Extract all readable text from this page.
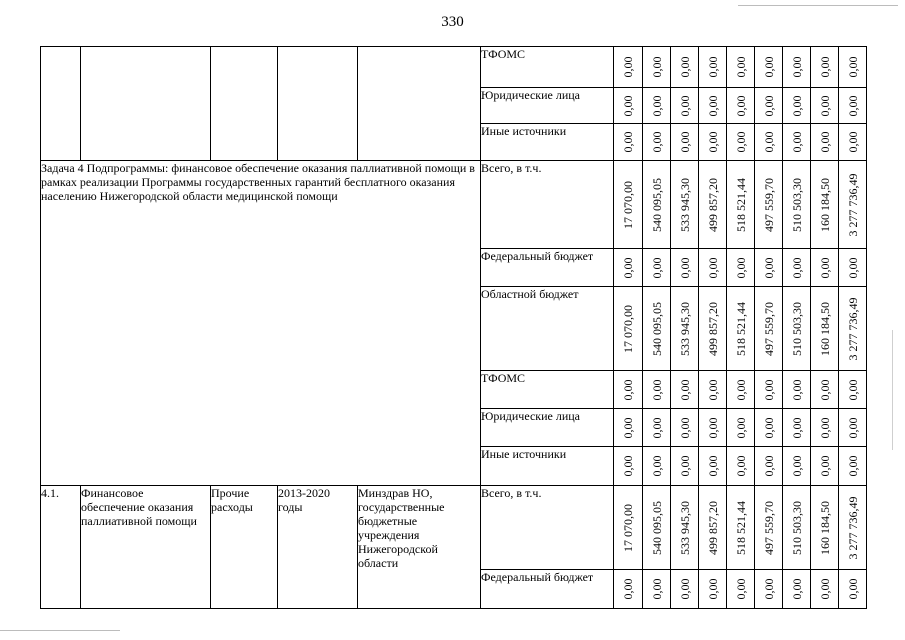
330
					ТФОМС	0,00	0,00	0,00	0,00	0,00	0,00	0,00	0,00	0,00

					Юридические лица	0,00	0,00	0,00	0,00	0,00	0,00	0,00	0,00	0,00

					Иные источники	0,00	0,00	0,00	0,00	0,00	0,00	0,00	0,00	0,00

Задача 4 Подпрограммы: финансовое обеспечение оказания паллиативной помощи в рамках реализации Программы государственных гарантий бесплатного оказания населению Нижегородской области медицинской помощи					Всего, в т.ч.	17 070,00	540 095,05	533 945,30	499 857,20	518 521,44	497 559,70	510 503,30	160 184,50	3 277 736,49

					Федеральный бюджет	0,00	0,00	0,00	0,00	0,00	0,00	0,00	0,00	0,00

					Областной бюджет	17 070,00	540 095,05	533 945,30	499 857,20	518 521,44	497 559,70	510 503,30	160 184,50	3 277 736,49

					ТФОМС	0,00	0,00	0,00	0,00	0,00	0,00	0,00	0,00	0,00

					Юридические лица	0,00	0,00	0,00	0,00	0,00	0,00	0,00	0,00	0,00

					Иные источники	0,00	0,00	0,00	0,00	0,00	0,00	0,00	0,00	0,00

4.1.	Финансовое обеспечение оказания паллиативной помощи	Прочие расходы	2013-2020 годы	Минздрав НО, государственные бюджетные учреждения Нижегородской области	Всего, в т.ч.	17 070,00	540 095,05	533 945,30	499 857,20	518 521,44	497 559,70	510 503,30	160 184,50	3 277 736,49

					Федеральный бюджет	0,00	0,00	0,00	0,00	0,00	0,00	0,00	0,00	0,00
